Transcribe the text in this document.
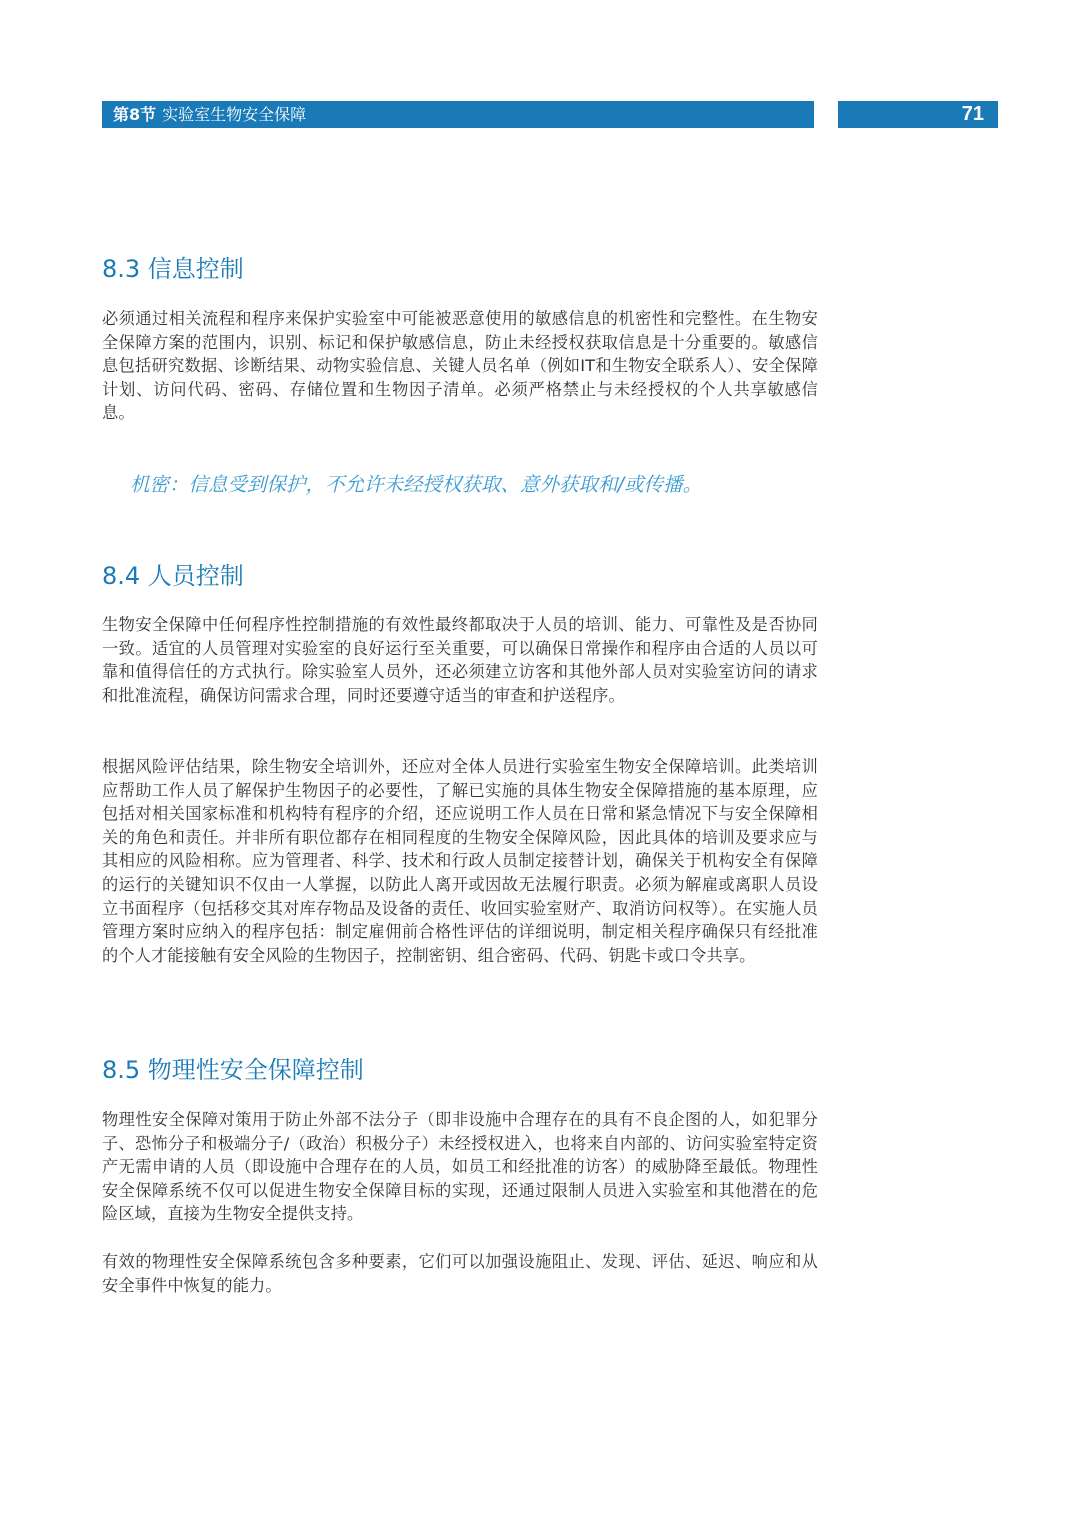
第8节 实验室生物安全保障	71
8.3 信息控制

必须通过相关流程和程序来保护实验室中可能被恶意使用的敏感信息的机密性和完整性。在生物安全保障方案的范围内，识别、标记和保护敏感信息，防止未经授权获取信息是十分重要的。敏感信息包括研究数据、诊断结果、动物实验信息、关键人员名单（例如IT和生物安全联系人）、安全保障计划、访问代码、密码、存储位置和生物因子清单。必须严格禁止与未经授权的个人共享敏感信息。

机密：信息受到保护，不允许未经授权获取、意外获取和/或传播。

8.4 人员控制

生物安全保障中任何程序性控制措施的有效性最终都取决于人员的培训、能力、可靠性及是否协同一致。适宜的人员管理对实验室的良好运行至关重要，可以确保日常操作和程序由合适的人员以可靠和值得信任的方式执行。除实验室人员外，还必须建立访客和其他外部人员对实验室访问的请求和批准流程，确保访问需求合理，同时还要遵守适当的审查和护送程序。

根据风险评估结果，除生物安全培训外，还应对全体人员进行实验室生物安全保障培训。此类培训应帮助工作人员了解保护生物因子的必要性，了解已实施的具体生物安全保障措施的基本原理，应包括对相关国家标准和机构特有程序的介绍，还应说明工作人员在日常和紧急情况下与安全保障相关的角色和责任。并非所有职位都存在相同程度的生物安全保障风险，因此具体的培训及要求应与其相应的风险相称。应为管理者、科学、技术和行政人员制定接替计划，确保关于机构安全有保障的运行的关键知识不仅由一人掌握，以防此人离开或因故无法履行职责。必须为解雇或离职人员设立书面程序（包括移交其对库存物品及设备的责任、收回实验室财产、取消访问权等）。在实施人员管理方案时应纳入的程序包括：制定雇佣前合格性评估的详细说明，制定相关程序确保只有经批准的个人才能接触有安全风险的生物因子，控制密钥、组合密码、代码、钥匙卡或口令共享。

8.5 物理性安全保障控制

物理性安全保障对策用于防止外部不法分子（即非设施中合理存在的具有不良企图的人，如犯罪分子、恐怖分子和极端分子/（政治）积极分子）未经授权进入，也将来自内部的、访问实验室特定资产无需申请的人员（即设施中合理存在的人员，如员工和经批准的访客）的威胁降至最低。物理性安全保障系统不仅可以促进生物安全保障目标的实现，还通过限制人员进入实验室和其他潜在的危险区域，直接为生物安全提供支持。

有效的物理性安全保障系统包含多种要素，它们可以加强设施阻止、发现、评估、延迟、响应和从安全事件中恢复的能力。
